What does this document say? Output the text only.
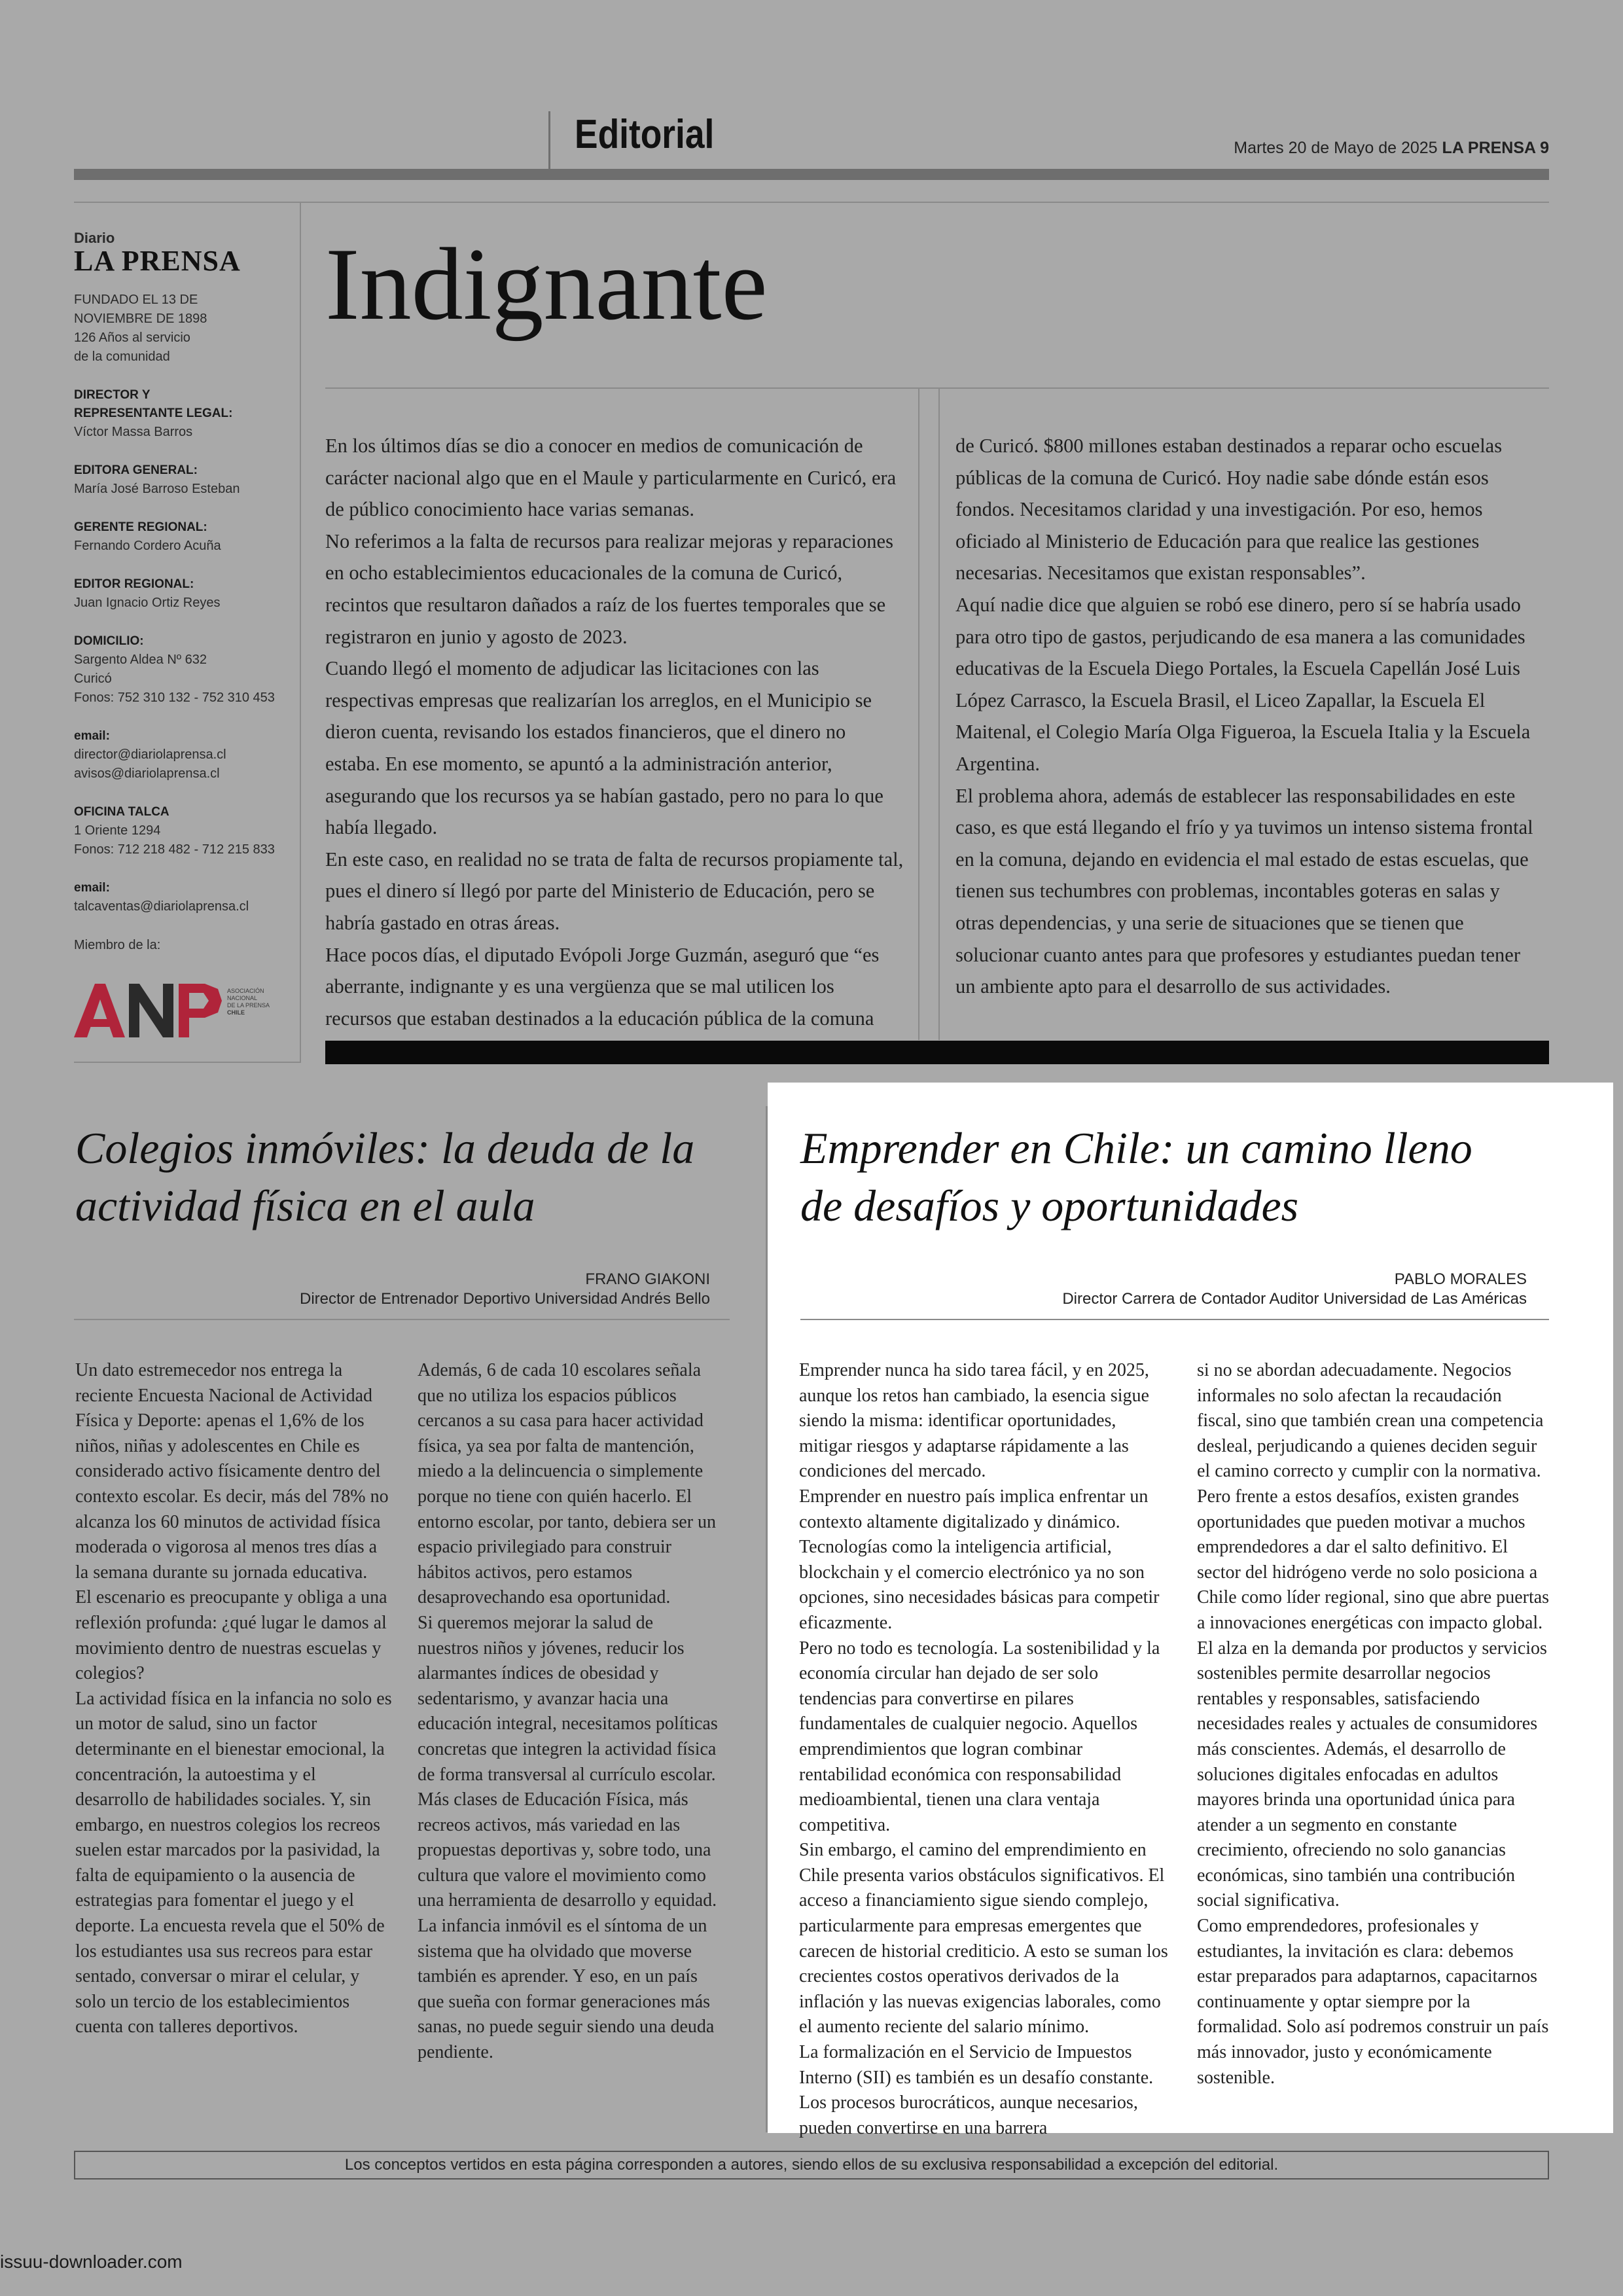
Editorial	Martes 20 de Mayo de 2025 LA PRENSA 9
Diario
LA PRENSA
FUNDADO EL 13 DE
NOVIEMBRE DE 1898
126 Años al servicio
de la comunidad
DIRECTOR Y
REPRESENTANTE LEGAL:
Víctor Massa Barros
EDITORA GENERAL:
María José Barroso Esteban
GERENTE REGIONAL:
Fernando Cordero Acuña
EDITOR REGIONAL:
Juan Ignacio Ortiz Reyes
DOMICILIO:
Sargento Aldea Nº 632
Curicó
Fonos: 752 310 132 - 752 310 453
email:
director@diariolaprensa.cl
avisos@diariolaprensa.cl
OFICINA TALCA
1 Oriente 1294
Fonos: 712 218 482 - 712 215 833
email:
talcaventas@diariolaprensa.cl
Miembro de la:
ASOCIACIÓN
NACIONAL
DE LA PRENSA
CHILE
Indignante

En los últimos días se dio a conocer en medios de comunicación de carácter nacional algo que en el Maule y particularmente en Curicó, era de público conocimiento hace varias semanas.

No referimos a la falta de recursos para realizar mejoras y reparaciones en ocho establecimientos educacionales de la comuna de Curicó, recintos que resultaron dañados a raíz de los fuertes temporales que se registraron en junio y agosto de 2023.

Cuando llegó el momento de adjudicar las licitaciones con las respectivas empresas que realizarían los arreglos, en el Municipio se dieron cuenta, revisando los estados financieros, que el dinero no estaba. En ese momento, se apuntó a la administración anterior, asegurando que los recursos ya se habían gastado, pero no para lo que había llegado.

En este caso, en realidad no se trata de falta de recursos propiamente tal, pues el dinero sí llegó por parte del Ministerio de Educación, pero se habría gastado en otras áreas.

Hace pocos días, el diputado Evópoli Jorge Guzmán, aseguró que “es aberrante, indignante y es una vergüenza que se mal utilicen los recursos que estaban destinados a la educación pública de la comuna

de Curicó. $800 millones estaban destinados a reparar ocho escuelas públicas de la comuna de Curicó. Hoy nadie sabe dónde están esos fondos. Necesitamos claridad y una investigación. Por eso, hemos oficiado al Ministerio de Educación para que realice las gestiones necesarias. Necesitamos que existan responsables”.

Aquí nadie dice que alguien se robó ese dinero, pero sí se habría usado para otro tipo de gastos, perjudicando de esa manera a las comunidades educativas de la Escuela Diego Portales, la Escuela Capellán José Luis López Carrasco, la Escuela Brasil, el Liceo Zapallar, la Escuela El Maitenal, el Colegio María Olga Figueroa, la Escuela Italia y la Escuela Argentina.

El problema ahora, además de establecer las responsabilidades en este caso, es que está llegando el frío y ya tuvimos un intenso sistema frontal en la comuna, dejando en evidencia el mal estado de estas escuelas, que tienen sus techumbres con problemas, incontables goteras en salas y otras dependencias, y una serie de situaciones que se tienen que solucionar cuanto antes para que profesores y estudiantes puedan tener un ambiente apto para el desarrollo de sus actividades.

Colegios inmóviles: la deuda de la actividad física en el aula
FRANO GIAKONI
Director de Entrenador Deportivo Universidad Andrés Bello

Un dato estremecedor nos entrega la reciente Encuesta Nacional de Actividad Física y Deporte: apenas el 1,6% de los niños, niñas y adolescentes en Chile es considerado activo físicamente dentro del contexto escolar. Es decir, más del 78% no alcanza los 60 minutos de actividad física moderada o vigorosa al menos tres días a la semana durante su jornada educativa.

El escenario es preocupante y obliga a una reflexión profunda: ¿qué lugar le damos al movimiento dentro de nuestras escuelas y colegios?

La actividad física en la infancia no solo es un motor de salud, sino un factor determinante en el bienestar emocional, la concentración, la autoestima y el desarrollo de habilidades sociales. Y, sin embargo, en nuestros colegios los recreos suelen estar marcados por la pasividad, la falta de equipamiento o la ausencia de estrategias para fomentar el juego y el deporte. La encuesta revela que el 50% de los estudiantes usa sus recreos para estar sentado, conversar o mirar el celular, y solo un tercio de los establecimientos cuenta con talleres deportivos.

Además, 6 de cada 10 escolares señala que no utiliza los espacios públicos cercanos a su casa para hacer actividad física, ya sea por falta de mantención, miedo a la delincuencia o simplemente porque no tiene con quién hacerlo. El entorno escolar, por tanto, debiera ser un espacio privilegiado para construir hábitos activos, pero estamos desaprovechando esa oportunidad.

Si queremos mejorar la salud de nuestros niños y jóvenes, reducir los alarmantes índices de obesidad y sedentarismo, y avanzar hacia una educación integral, necesitamos políticas concretas que integren la actividad física de forma transversal al currículo escolar. Más clases de Educación Física, más recreos activos, más variedad en las propuestas deportivas y, sobre todo, una cultura que valore el movimiento como una herramienta de desarrollo y equidad.

La infancia inmóvil es el síntoma de un sistema que ha olvidado que moverse también es aprender. Y eso, en un país que sueña con formar generaciones más sanas, no puede seguir siendo una deuda pendiente.

Emprender en Chile: un camino lleno de desafíos y oportunidades
PABLO MORALES
Director Carrera de Contador Auditor Universidad de Las Américas

Emprender nunca ha sido tarea fácil, y en 2025, aunque los retos han cambiado, la esencia sigue siendo la misma: identificar oportunidades, mitigar riesgos y adaptarse rápidamente a las condiciones del mercado.

Emprender en nuestro país implica enfrentar un contexto altamente digitalizado y dinámico. Tecnologías como la inteligencia artificial, blockchain y el comercio electrónico ya no son opciones, sino necesidades básicas para competir eficazmente.

Pero no todo es tecnología. La sostenibilidad y la economía circular han dejado de ser solo tendencias para convertirse en pilares fundamentales de cualquier negocio. Aquellos emprendimientos que logran combinar rentabilidad económica con responsabilidad medioambiental, tienen una clara ventaja competitiva.

Sin embargo, el camino del emprendimiento en Chile presenta varios obstáculos significativos. El acceso a financiamiento sigue siendo complejo, particularmente para empresas emergentes que carecen de historial crediticio. A esto se suman los crecientes costos operativos derivados de la inflación y las nuevas exigencias laborales, como el aumento reciente del salario mínimo.

La formalización en el Servicio de Impuestos Interno (SII) es también es un desafío constante. Los procesos burocráticos, aunque necesarios, pueden convertirse en una barrera

si no se abordan adecuadamente. Negocios informales no solo afectan la recaudación fiscal, sino que también crean una competencia desleal, perjudicando a quienes deciden seguir el camino correcto y cumplir con la normativa.

Pero frente a estos desafíos, existen grandes oportunidades que pueden motivar a muchos emprendedores a dar el salto definitivo. El sector del hidrógeno verde no solo posiciona a Chile como líder regional, sino que abre puertas a innovaciones energéticas con impacto global. El alza en la demanda por productos y servicios sostenibles permite desarrollar negocios rentables y responsables, satisfaciendo necesidades reales y actuales de consumidores más conscientes. Además, el desarrollo de soluciones digitales enfocadas en adultos mayores brinda una oportunidad única para atender a un segmento en constante crecimiento, ofreciendo no solo ganancias económicas, sino también una contribución social significativa.

Como emprendedores, profesionales y estudiantes, la invitación es clara: debemos estar preparados para adaptarnos, capacitarnos continuamente y optar siempre por la formalidad. Solo así podremos construir un país más innovador, justo y económicamente sostenible.

Los conceptos vertidos en esta página corresponden a autores, siendo ellos de su exclusiva responsabilidad a excepción del editorial.
issuu-downloader.com
